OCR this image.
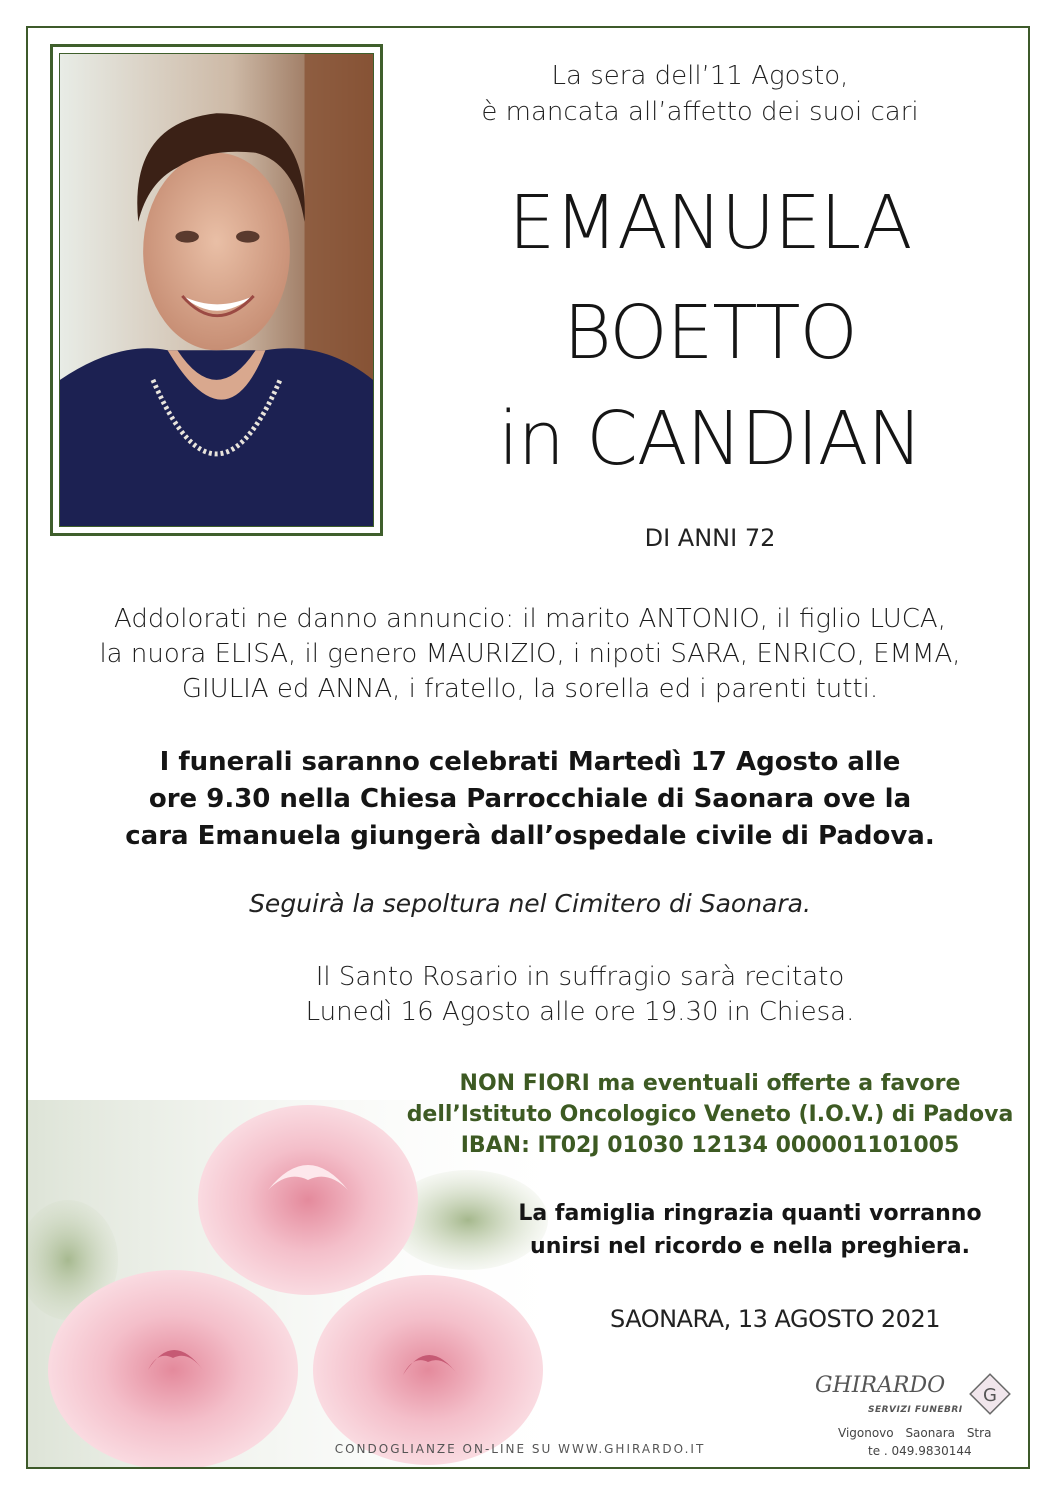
La sera dell’11 Agosto,
è mancata all’affetto dei suoi cari
EMANUELA
BOETTO
in CANDIAN
DI ANNI 72
Addolorati ne danno annuncio: il marito ANTONIO, il figlio LUCA,
la nuora ELISA, il genero MAURIZIO, i nipoti SARA, ENRICO, EMMA,
GIULIA ed ANNA, i fratello, la sorella ed i parenti tutti.
I funerali saranno celebrati Martedì 17 Agosto alle
ore 9.30 nella Chiesa Parrocchiale di Saonara ove la
cara Emanuela giungerà dall’ospedale civile di Padova.
Seguirà la sepoltura nel Cimitero di Saonara.
Il Santo Rosario in suffragio sarà recitato
Lunedì 16 Agosto alle ore 19.30 in Chiesa.
NON FIORI ma eventuali offerte a favore
dell’Istituto Oncologico Veneto (I.O.V.) di Padova
IBAN: IT02J 01030 12134 000001101005
La famiglia ringrazia quanti vorranno
unirsi nel ricordo e nella preghiera.
SAONARA, 13 AGOSTO 2021
CONDOGLIANZE ON-LINE SU WWW.GHIRARDO.IT
GHIRARDO
SERVIZI FUNEBRI
G
Vigonovo Saonara Stra
te . 049.9830144
